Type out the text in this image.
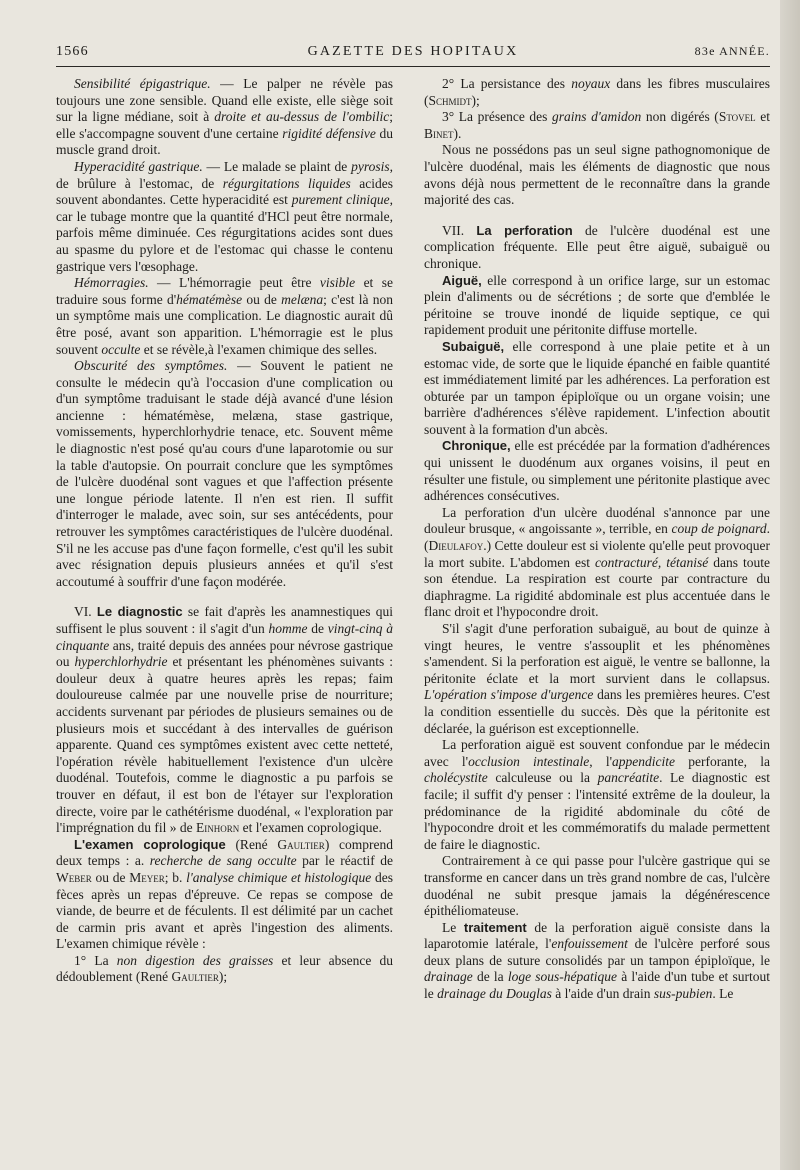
1566	GAZETTE DES HOPITAUX	83e ANNÉE.

Sensibilité épigastrique. — Le palper ne révèle pas toujours une zone sensible. Quand elle existe, elle siège soit sur la ligne médiane, soit à droite et au-dessus de l'ombilic; elle s'accompagne souvent d'une certaine rigidité défensive du muscle grand droit.

Hyperacidité gastrique. — Le malade se plaint de pyrosis, de brûlure à l'estomac, de régurgitations liquides acides souvent abondantes. Cette hyperacidité est purement clinique, car le tubage montre que la quantité d'HCl peut être normale, parfois même diminuée. Ces régurgitations acides sont dues au spasme du pylore et de l'estomac qui chasse le contenu gastrique vers l'œsophage.

Hémorragies. — L'hémorragie peut être visible et se traduire sous forme d'hématémèse ou de melæna; c'est là non un symptôme mais une complication. Le diagnostic aurait dû être posé, avant son apparition. L'hémorragie est le plus souvent occulte et se révèle,à l'examen chimique des selles.

Obscurité des symptômes. — Souvent le patient ne consulte le médecin qu'à l'occasion d'une complication ou d'un symptôme traduisant le stade déjà avancé d'une lésion ancienne : hématémèse, melæna, stase gastrique, vomissements, hyperchlorhydrie tenace, etc. Souvent même le diagnostic n'est posé qu'au cours d'une laparotomie ou sur la table d'autopsie. On pourrait conclure que les symptômes de l'ulcère duodénal sont vagues et que l'affection présente une longue période latente. Il n'en est rien. Il suffit d'interroger le malade, avec soin, sur ses antécédents, pour retrouver les symptômes caractéristiques de l'ulcère duodénal. S'il ne les accuse pas d'une façon formelle, c'est qu'il les subit avec résignation depuis plusieurs années et qu'il s'est accoutumé à souffrir d'une façon modérée.

VI. Le diagnostic se fait d'après les anamnestiques qui suffisent le plus souvent : il s'agit d'un homme de vingt-cinq à cinquante ans, traité depuis des années pour névrose gastrique ou hyperchlorhydrie et présentant les phénomènes suivants : douleur deux à quatre heures après les repas; faim douloureuse calmée par une nouvelle prise de nourriture; accidents survenant par périodes de plusieurs semaines ou de plusieurs mois et succédant à des intervalles de guérison apparente. Quand ces symptômes existent avec cette netteté, l'opération révèle habituellement l'existence d'un ulcère duodénal. Toutefois, comme le diagnostic a pu parfois se trouver en défaut, il est bon de l'étayer sur l'exploration directe, voire par le cathétérisme duodénal, « l'exploration par l'imprégnation du fil » de Einhorn et l'examen coprologique.

L'examen coprologique (René Gaultier) comprend deux temps : a. recherche de sang occulte par le réactif de Weber ou de Meyer; b. l'analyse chimique et histologique des fèces après un repas d'épreuve. Ce repas se compose de viande, de beurre et de féculents. Il est délimité par un cachet de carmin pris avant et après l'ingestion des aliments. L'examen chimique révèle :

1° La non digestion des graisses et leur absence du dédoublement (René Gaultier);

2° La persistance des noyaux dans les fibres musculaires (Schmidt);

3° La présence des grains d'amidon non digérés (Stovel et Binet).

Nous ne possédons pas un seul signe pathognomonique de l'ulcère duodénal, mais les éléments de diagnostic que nous avons déjà nous permettent de le reconnaître dans la grande majorité des cas.

VII. La perforation de l'ulcère duodénal est une complication fréquente. Elle peut être aiguë, subaiguë ou chronique.

Aiguë, elle correspond à un orifice large, sur un estomac plein d'aliments ou de sécrétions ; de sorte que d'emblée le péritoine se trouve inondé de liquide septique, ce qui rapidement produit une péritonite diffuse mortelle.

Subaiguë, elle correspond à une plaie petite et à un estomac vide, de sorte que le liquide épanché en faible quantité est immédiatement limité par les adhérences. La perforation est obturée par un tampon épiploïque ou un organe voisin; une barrière d'adhérences s'élève rapidement. L'infection aboutit souvent à la formation d'un abcès.

Chronique, elle est précédée par la formation d'adhérences qui unissent le duodénum aux organes voisins, il peut en résulter une fistule, ou simplement une péritonite plastique avec adhérences consécutives.

La perforation d'un ulcère duodénal s'annonce par une douleur brusque, « angoissante », terrible, en coup de poignard. (Dieulafoy.) Cette douleur est si violente qu'elle peut provoquer la mort subite. L'abdomen est contracturé, tétanisé dans toute son étendue. La respiration est courte par contracture du diaphragme. La rigidité abdominale est plus accentuée dans le flanc droit et l'hypocondre droit.

S'il s'agit d'une perforation subaiguë, au bout de quinze à vingt heures, le ventre s'assouplit et les phénomènes s'amendent. Si la perforation est aiguë, le ventre se ballonne, la péritonite éclate et la mort survient dans le collapsus. L'opération s'impose d'urgence dans les premières heures. C'est la condition essentielle du succès. Dès que la péritonite est déclarée, la guérison est exceptionnelle.

La perforation aiguë est souvent confondue par le médecin avec l'occlusion intestinale, l'appendicite perforante, la cholécystite calculeuse ou la pancréatite. Le diagnostic est facile; il suffit d'y penser : l'intensité extrême de la douleur, la prédominance de la rigidité abdominale du côté de l'hypocondre droit et les commémoratifs du malade permettent de faire le diagnostic.

Contrairement à ce qui passe pour l'ulcère gastrique qui se transforme en cancer dans un très grand nombre de cas, l'ulcère duodénal ne subit presque jamais la dégénérescence épithéliomateuse.

Le traitement de la perforation aiguë consiste dans la laparotomie latérale, l'enfouissement de l'ulcère perforé sous deux plans de suture consolidés par un tampon épiploïque, le drainage de la loge sous-hépatique à l'aide d'un tube et surtout le drainage du Douglas à l'aide d'un drain sus-pubien. Le
